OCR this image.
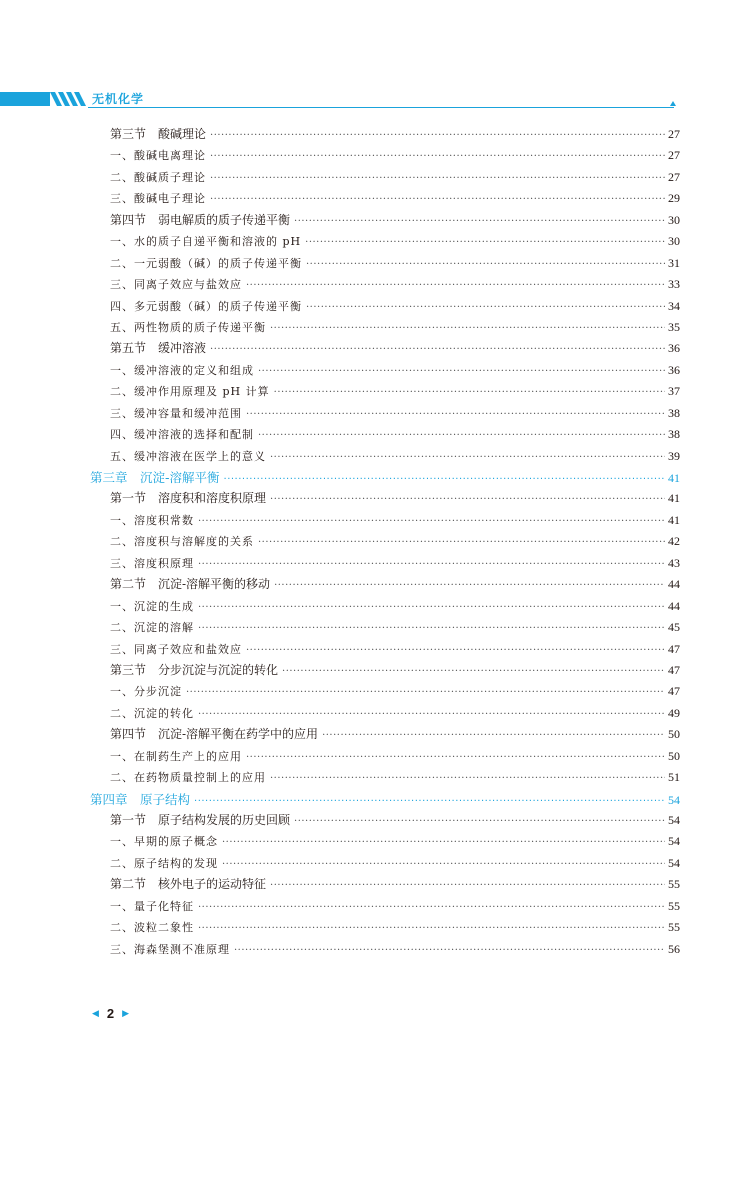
无机化学
第三节　酸碱理论 ·····	27
一、酸碱电离理论 ·····	27
二、酸碱质子理论 ·····	27
三、酸碱电子理论 ·····	29
第四节　弱电解质的质子传递平衡 ·····	30
一、水的质子自递平衡和溶液的 pH ·····	30
二、一元弱酸（碱）的质子传递平衡 ·····	31
三、同离子效应与盐效应 ·····	33
四、多元弱酸（碱）的质子传递平衡 ·····	34
五、两性物质的质子传递平衡 ·····	35
第五节　缓冲溶液 ·····	36
一、缓冲溶液的定义和组成 ·····	36
二、缓冲作用原理及 pH 计算 ·····	37
三、缓冲容量和缓冲范围 ·····	38
四、缓冲溶液的选择和配制 ·····	38
五、缓冲溶液在医学上的意义 ·····	39
第三章　沉淀-溶解平衡 ·····	41
第一节　溶度积和溶度积原理 ·····	41
一、溶度积常数 ·····	41
二、溶度积与溶解度的关系 ·····	42
三、溶度积原理 ·····	43
第二节　沉淀-溶解平衡的移动 ·····	44
一、沉淀的生成 ·····	44
二、沉淀的溶解 ·····	45
三、同离子效应和盐效应 ·····	47
第三节　分步沉淀与沉淀的转化 ·····	47
一、分步沉淀 ·····	47
二、沉淀的转化 ·····	49
第四节　沉淀-溶解平衡在药学中的应用 ·····	50
一、在制药生产上的应用 ·····	50
二、在药物质量控制上的应用 ·····	51
第四章　原子结构 ·····	54
第一节　原子结构发展的历史回顾 ·····	54
一、早期的原子概念 ·····	54
二、原子结构的发现 ·····	54
第二节　核外电子的运动特征 ·····	55
一、量子化特征 ·····	55
二、波粒二象性 ·····	55
三、海森堡测不准原理 ·····	56
◀ 2 ▶
